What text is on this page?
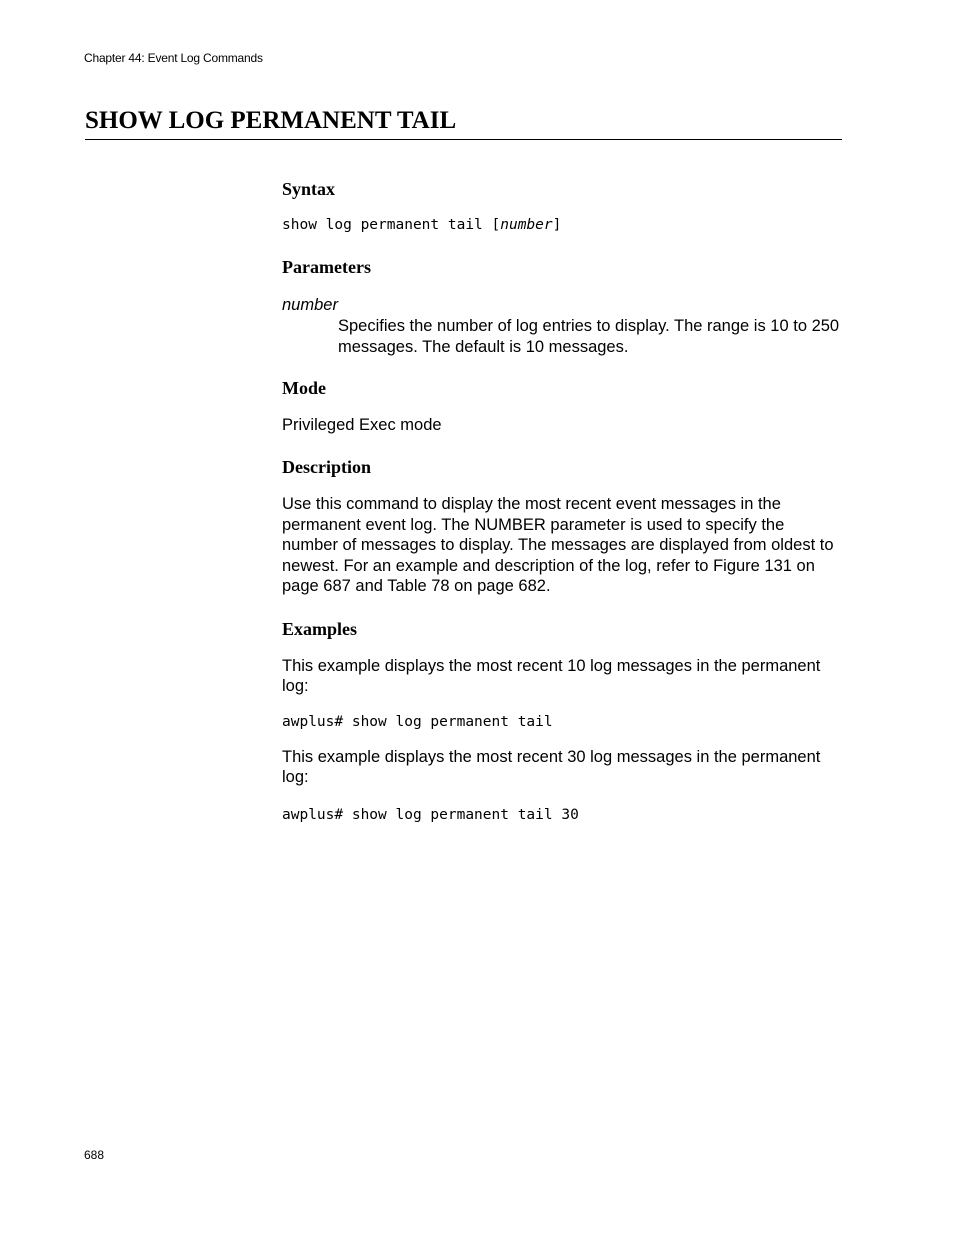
Chapter 44: Event Log Commands
SHOW LOG PERMANENT TAIL
Syntax

show log permanent tail [number]

Parameters

number

Specifies the number of log entries to display. The range is 10 to 250 messages. The default is 10 messages.

Mode

Privileged Exec mode

Description

Use this command to display the most recent event messages in the permanent event log. The NUMBER parameter is used to specify the number of messages to display. The messages are displayed from oldest to newest. For an example and description of the log, refer to Figure 131 on page 687 and Table 78 on page 682.

Examples

This example displays the most recent 10 log messages in the permanent log:

awplus# show log permanent tail

This example displays the most recent 30 log messages in the permanent log:

awplus# show log permanent tail 30

688
